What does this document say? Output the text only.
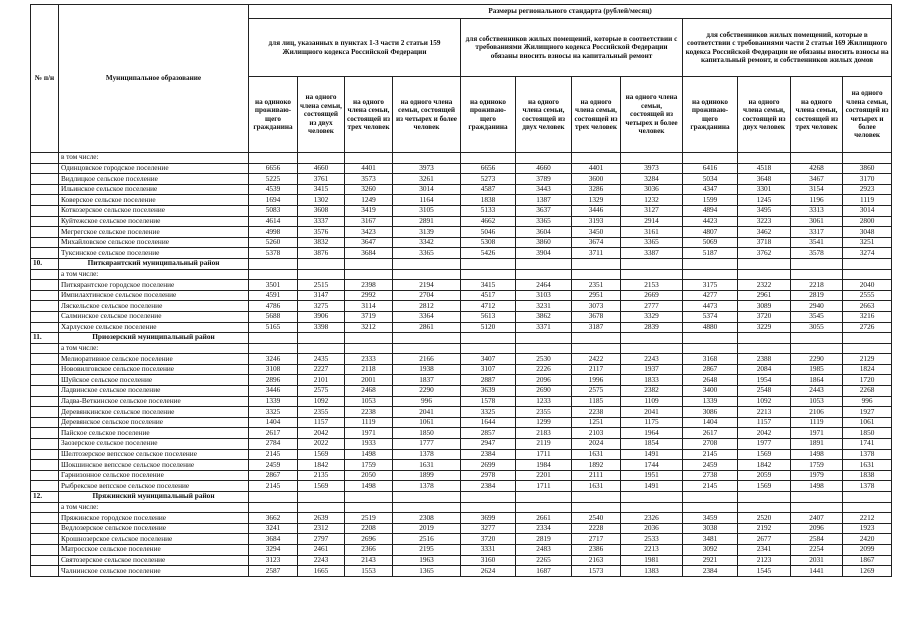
№ п/н	Муниципальное образование	Размеры регионального стандарта (рублей/месяц)											
		для лиц, указанных в пунктах 1-3 части 2 статьи 159 Жилищного кодекса Российской Федерации				для собственников жилых помещений, которые в соответствии с требованиями Жилищного кодекса Российской Федерации обязаны вносить взносы на капитальный ремонт				для собственников жилых помещений, которые в соответствии с требованиями части 2 статьи 169 Жилищного кодекса Российской Федерации не обязаны вносить взносы на капитальный ремонт, и собственников жилых домов			
		на одиноко проживаю-щего гражданина	на одного члена семьи, состоящей из двух человек	на одного члена семьи, состоящей из трех человек	на одного члена семьи, состоящей из четырех и более человек	на одиноко проживаю-щего гражданина	на одного члена семьи, состоящей из двух человек	на одного члена семьи, состоящей из трех человек	на одного члена семьи, состоящей из четырех и более человек	на одиноко проживаю-щего гражданина	на одного члена семьи, состоящей из двух человек	на одного члена семьи, состоящей из трех человек	на одного члена семьи, состоящей из четырех и более человек
	в том числе:												
	Одинцовское городское поселение	6656	4660	4401	3973	6656	4660	4401	3973	6416	4518	4268	3860
	Видлицкое сельское поселение	5225	3761	3573	3261	5273	3789	3600	3284	5034	3648	3467	3170
	Ильинское сельское поселение	4539	3415	3260	3014	4587	3443	3286	3036	4347	3301	3154	2923
	Коверское сельское поселение	1694	1302	1249	1164	1838	1387	1329	1232	1599	1245	1196	1119
	Коткозерское сельское поселение	5083	3608	3419	3105	5133	3637	3446	3127	4894	3495	3313	3014
	Куйтежское сельское поселение	4614	3337	3167	2891	4662	3365	3193	2914	4423	3223	3061	2800
	Мегрегское сельское поселение	4998	3576	3423	3139	5046	3604	3450	3161	4807	3462	3317	3048
	Михайловское сельское поселение	5260	3832	3647	3342	5308	3860	3674	3365	5069	3718	3541	3251
	Туксинское сельское поселение	5378	3876	3684	3365	5426	3904	3711	3387	5187	3762	3578	3274
10.	Питкярантский муниципальный район												
	а том числе:												
	Питкярантское городское поселение	3501	2515	2398	2194	3415	2464	2351	2153	3175	2322	2218	2040
	Импилахтинское сельское поселение	4591	3147	2992	2704	4517	3103	2951	2669	4277	2961	2819	2555
	Ляскельское сельское поселение	4786	3275	3114	2812	4712	3231	3073	2777	4473	3089	2940	2663
	Салминское сельское поселение	5688	3906	3719	3364	5613	3862	3678	3329	5374	3720	3545	3216
	Харлуское сельское поселение	5165	3398	3212	2861	5120	3371	3187	2839	4880	3229	3055	2726
11.	Приозерский муниципальный район												
	а том числе:												
	Мелиоративное сельское поселение	3246	2435	2333	2166	3407	2530	2422	2243	3168	2388	2290	2129
	Нововилговское сельское поселение	3108	2227	2118	1938	3107	2226	2117	1937	2867	2084	1985	1824
	Шуйское сельское поселение	2896	2101	2001	1837	2887	2096	1996	1833	2648	1954	1864	1720
	Ладвинское сельское поселение	3446	2575	2468	2290	3639	2690	2575	2382	3400	2548	2443	2268
	Ладва-Веткинское сельское поселение	1339	1092	1053	996	1578	1233	1185	1109	1339	1092	1053	996
	Деревянкинское сельское поселение	3325	2355	2238	2041	3325	2355	2238	2041	3086	2213	2106	1927
	Деревянское сельское поселение	1404	1157	1119	1061	1644	1299	1251	1175	1404	1157	1119	1061
	Пайское сельское поселение	2617	2042	1971	1850	2857	2183	2103	1964	2617	2042	1971	1850
	Заозерское сельское поселение	2784	2022	1933	1777	2947	2119	2024	1854	2708	1977	1891	1741
	Шелтозерское вепсское сельское поселение	2145	1569	1498	1378	2384	1711	1631	1491	2145	1569	1498	1378
	Шокшинское вепсское сельское поселение	2459	1842	1759	1631	2699	1984	1892	1744	2459	1842	1759	1631
	Гарнизонное сельское поселение	2867	2135	2050	1899	2978	2201	2111	1951	2738	2059	1979	1838
	Рыбрекское вепсское сельское поселение	2145	1569	1498	1378	2384	1711	1631	1491	2145	1569	1498	1378
12.	Пряжинский муниципальный район												
	а том числе:												
	Пряжинское городское поселение	3662	2639	2519	2308	3699	2661	2540	2326	3459	2520	2407	2212
	Ведлозерское сельское поселение	3241	2312	2208	2019	3277	2334	2228	2036	3038	2192	2096	1923
	Крошнозерское сельское поселение	3684	2797	2696	2516	3720	2819	2717	2533	3481	2677	2584	2420
	Матросское сельское поселение	3294	2461	2366	2195	3331	2483	2386	2213	3092	2341	2254	2099
	Святозерское сельское поселение	3123	2243	2143	1963	3160	2265	2163	1981	2921	2123	2031	1867
	Чалнинское сельское поселение	2587	1665	1553	1365	2624	1687	1573	1383	2384	1545	1441	1269
